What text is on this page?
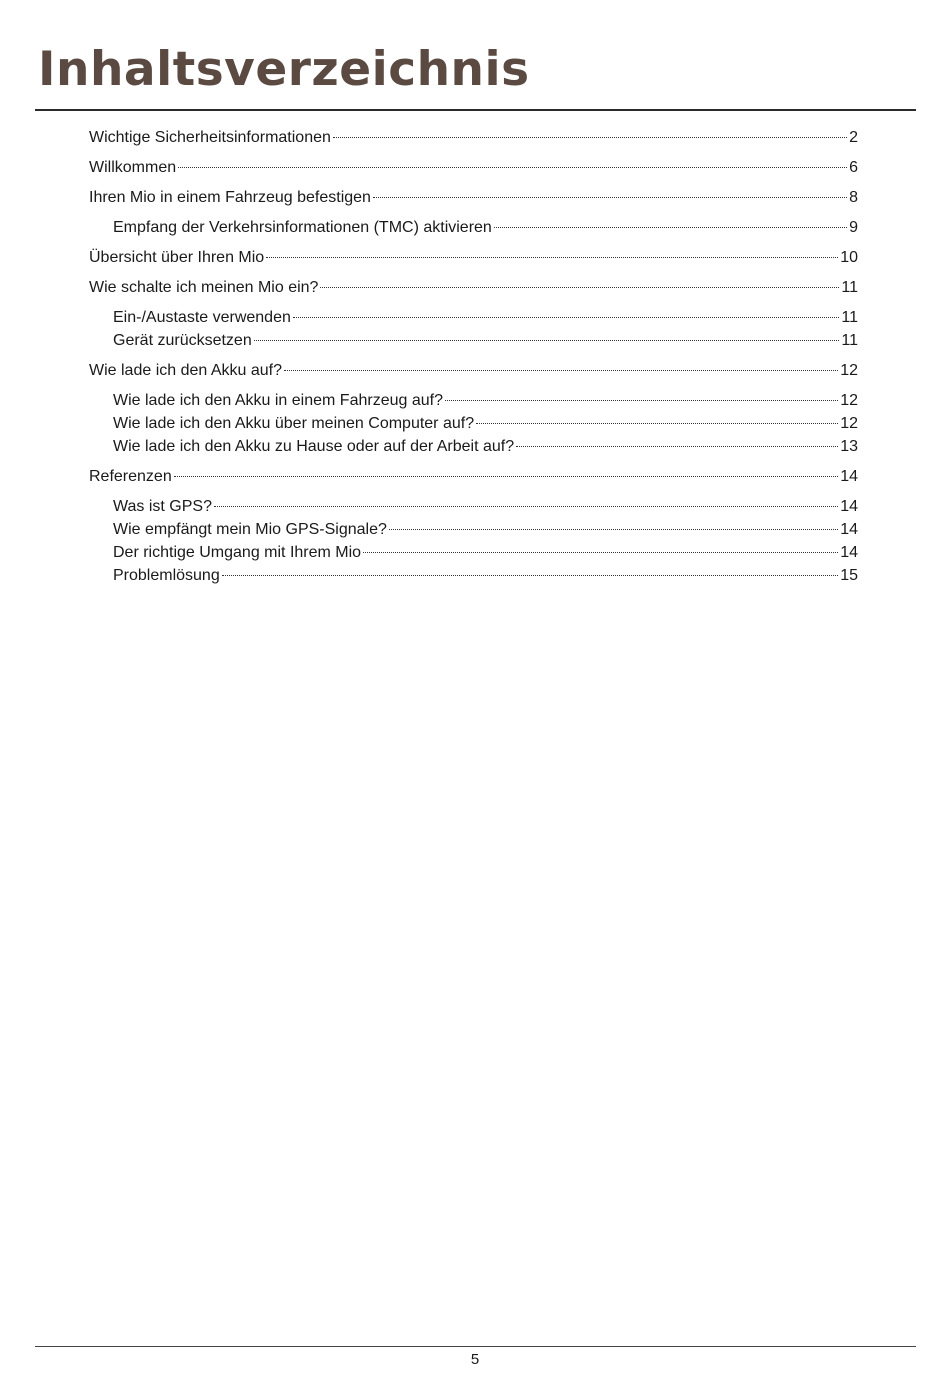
Inhaltsverzeichnis
Wichtige Sicherheitsinformationen	2
Willkommen	6
Ihren Mio in einem Fahrzeug befestigen	8
Empfang der Verkehrsinformationen (TMC) aktivieren	9
Übersicht über Ihren Mio	10
Wie schalte ich meinen Mio ein?	11
Ein-/Austaste verwenden	11
Gerät zurücksetzen	11
Wie lade ich den Akku auf?	12
Wie lade ich den Akku in einem Fahrzeug auf?	12
Wie lade ich den Akku über meinen Computer auf?	12
Wie lade ich den Akku zu Hause oder auf der Arbeit auf?	13
Referenzen	14
Was ist GPS?	14
Wie empfängt mein Mio GPS-Signale?	14
Der richtige Umgang mit Ihrem Mio	14
Problemlösung	15
5
